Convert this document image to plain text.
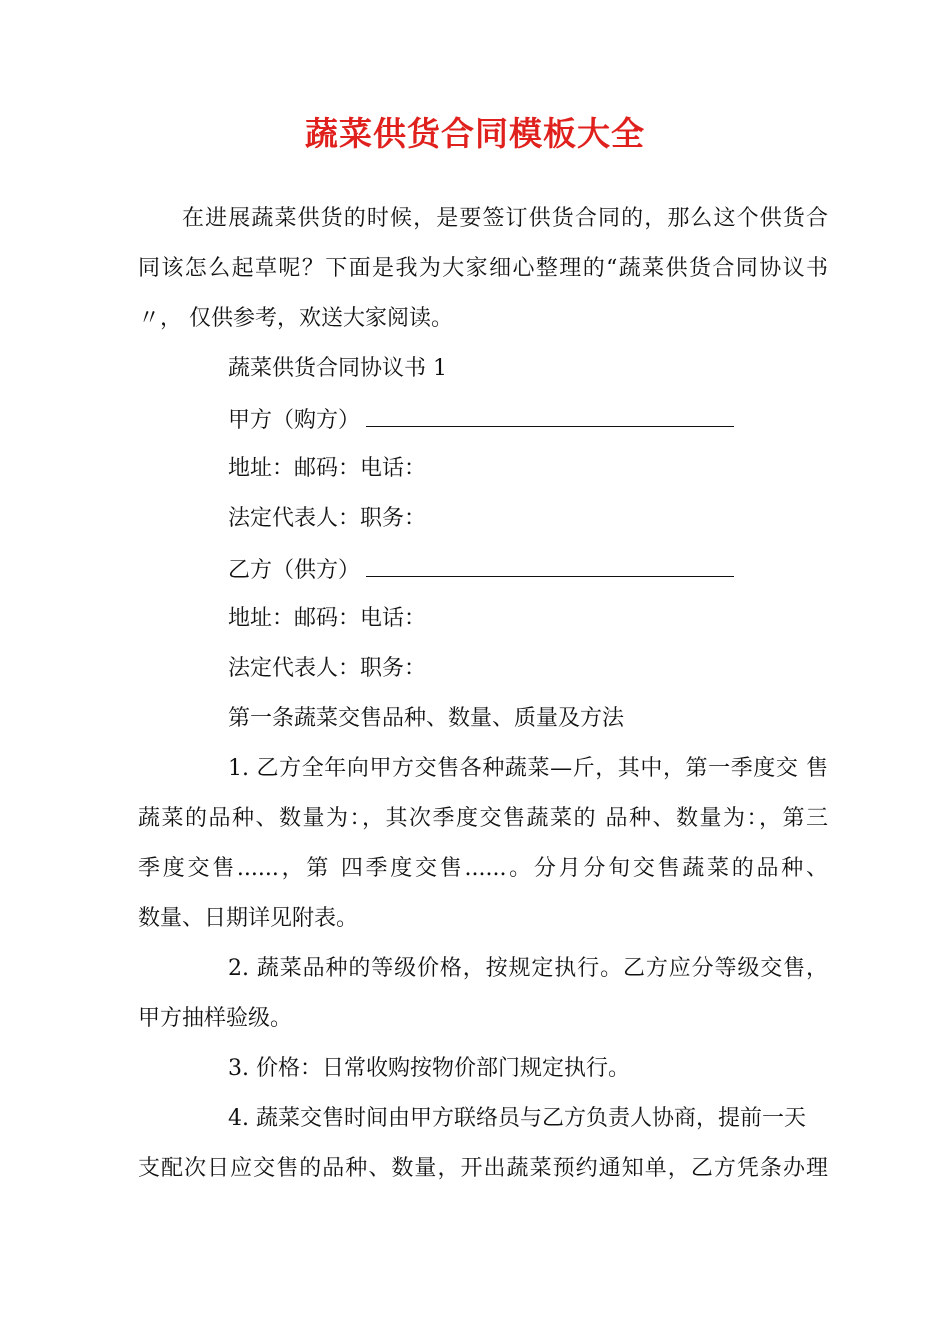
蔬菜供货合同模板大全
在进展蔬菜供货的时候，是要签订供货合同的，那么这个供货合
同该怎么起草呢？下面是我为大家细心整理的“蔬菜供货合同协议书
〃， 仅供参考，欢送大家阅读。
蔬菜供货合同协议书 1
甲方（购方）
地址：邮码：电话：
法定代表人：职务：
乙方（供方）
地址：邮码：电话：
法定代表人：职务：
第一条蔬菜交售品种、数量、质量及方法
1. 乙方全年向甲方交售各种蔬菜—斤，其中，第一季度交 售
蔬菜的品种、数量为：，其次季度交售蔬菜的 品种、数量为：，第三
季度交售......，第 四季度交售......。分月分旬交售蔬菜的品种、
数量、日期详见附表。
2. 蔬菜品种的等级价格，按规定执行。乙方应分等级交售，
甲方抽样验级。
3. 价格：日常收购按物价部门规定执行。
4. 蔬菜交售时间由甲方联络员与乙方负责人协商，提前一天
支配次日应交售的品种、数量，开出蔬菜预约通知单，乙方凭条办理
